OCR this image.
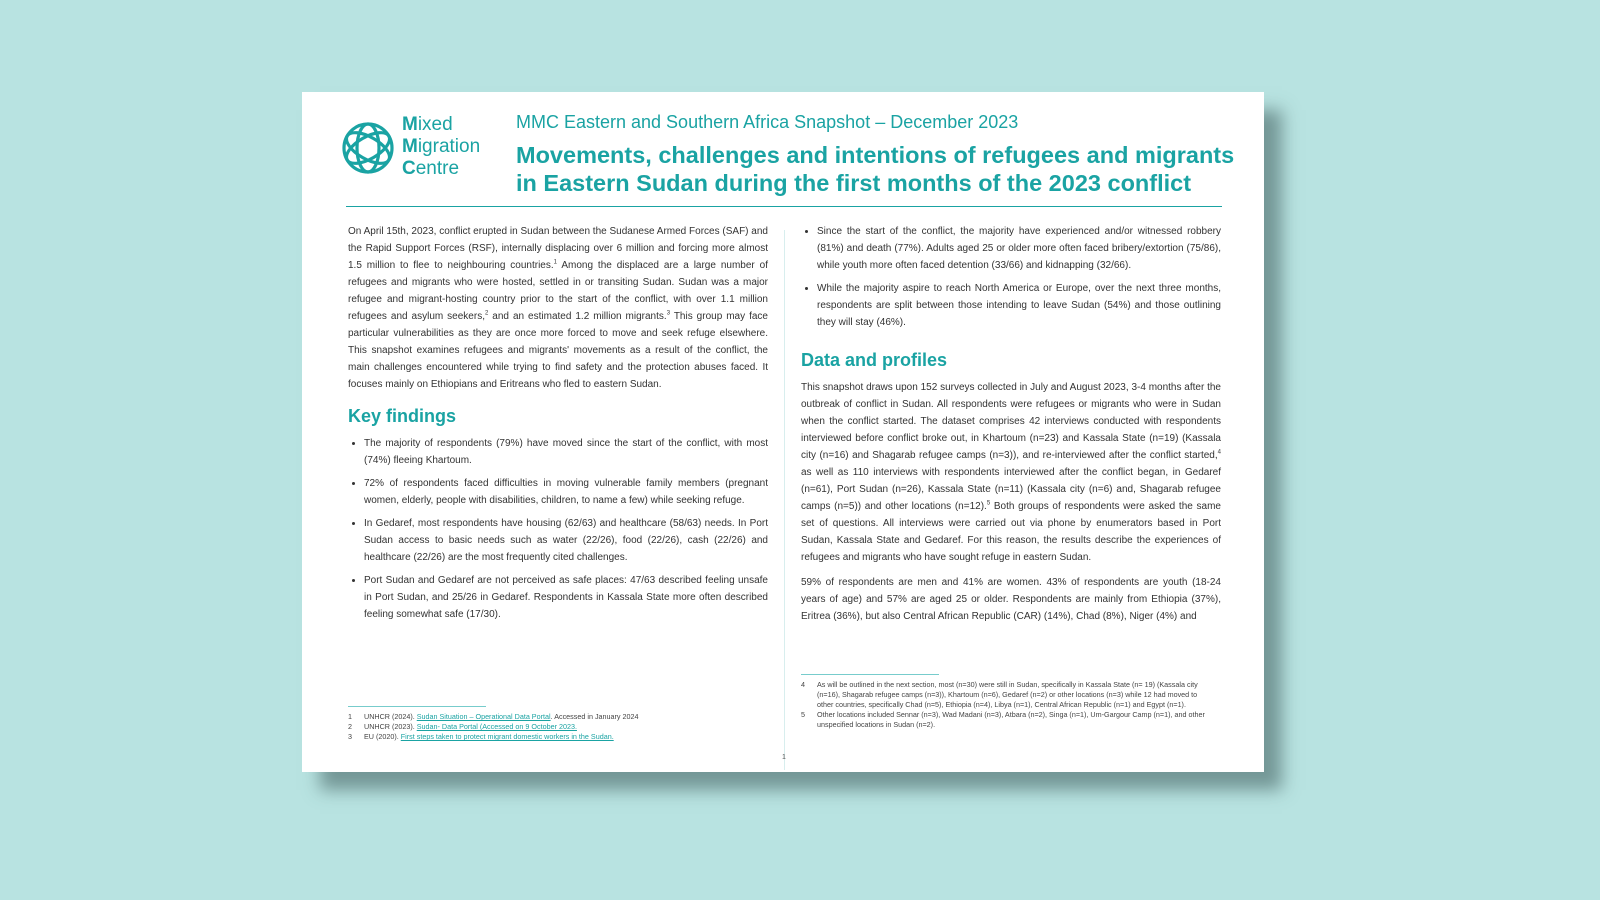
Mixed
Migration
Centre
MMC Eastern and Southern Africa Snapshot – December 2023
Movements, challenges and intentions of refugees and migrants in Eastern Sudan during the first months of the 2023 conflict

On April 15th, 2023, conflict erupted in Sudan between the Sudanese Armed Forces (SAF) and the Rapid Support Forces (RSF), internally displacing over 6 million and forcing more almost 1.5 million to flee to neighbouring countries.$^1$ Among the displaced are a large number of refugees and migrants who were hosted, settled in or transiting Sudan. Sudan was a major refugee and migrant-hosting country prior to the start of the conflict, with over 1.1 million refugees and asylum seekers,$^2$ and an estimated 1.2 million migrants.$^3$ This group may face particular vulnerabilities as they are once more forced to move and seek refuge elsewhere. This snapshot examines refugees and migrants' movements as a result of the conflict, the main challenges encountered while trying to find safety and the protection abuses faced. It focuses mainly on Ethiopians and Eritreans who fled to eastern Sudan.

Key findings
• The majority of respondents (79%) have moved since the start of the conflict, with most (74%) fleeing Khartoum.
• 72% of respondents faced difficulties in moving vulnerable family members (pregnant women, elderly, people with disabilities, children, to name a few) while seeking refuge.
• In Gedaref, most respondents have housing (62/63) and healthcare (58/63) needs. In Port Sudan access to basic needs such as water (22/26), food (22/26), cash (22/26) and healthcare (22/26) are the most frequently cited challenges.
• Port Sudan and Gedaref are not perceived as safe places: 47/63 described feeling unsafe in Port Sudan, and 25/26 in Gedaref. Respondents in Kassala State more often described feeling somewhat safe (17/30).
• Since the start of the conflict, the majority have experienced and/or witnessed robbery (81%) and death (77%). Adults aged 25 or older more often faced bribery/extortion (75/86), while youth more often faced detention (33/66) and kidnapping (32/66).
• While the majority aspire to reach North America or Europe, over the next three months, respondents are split between those intending to leave Sudan (54%) and those outlining they will stay (46%).
Data and profiles

This snapshot draws upon 152 surveys collected in July and August 2023, 3-4 months after the outbreak of conflict in Sudan. All respondents were refugees or migrants who were in Sudan when the conflict started. The dataset comprises 42 interviews conducted with respondents interviewed before conflict broke out, in Khartoum (n=23) and Kassala State (n=19) (Kassala city (n=16) and Shagarab refugee camps (n=3)), and re-interviewed after the conflict started,$^4$ as well as 110 interviews with respondents interviewed after the conflict began, in Gedaref (n=61), Port Sudan (n=26), Kassala State (n=11) (Kassala city (n=6) and, Shagarab refugee camps (n=5)) and other locations (n=12).$^5$ Both groups of respondents were asked the same set of questions. All interviews were carried out via phone by enumerators based in Port Sudan, Kassala State and Gedaref. For this reason, the results describe the experiences of refugees and migrants who have sought refuge in eastern Sudan.

59% of respondents are men and 41% are women. 43% of respondents are youth (18-24 years of age) and 57% are aged 25 or older. Respondents are mainly from Ethiopia (37%), Eritrea (36%), but also Central African Republic (CAR) (14%), Chad (8%), Niger (4%) and

1	UNHCR (2024). Sudan Situation – Operational Data Portal. Accessed in January 2024
2	UNHCR (2023). Sudan- Data Portal (Accessed on 9 October 2023.
3	EU (2020). First steps taken to protect migrant domestic workers in the Sudan.
4	As will be outlined in the next section, most (n=30) were still in Sudan, specifically in Kassala State (n= 19) (Kassala city (n=16), Shagarab refugee camps (n=3)), Khartoum (n=6), Gedaref (n=2) or other locations (n=3) while 12 had moved to other countries, specifically Chad (n=5), Ethiopia (n=4), Libya (n=1), Central African Republic (n=1) and Egypt (n=1).
5	Other locations included Sennar (n=3), Wad Madani (n=3), Atbara (n=2), Singa (n=1), Um-Gargour Camp (n=1), and other unspecified locations in Sudan (n=2).
1
